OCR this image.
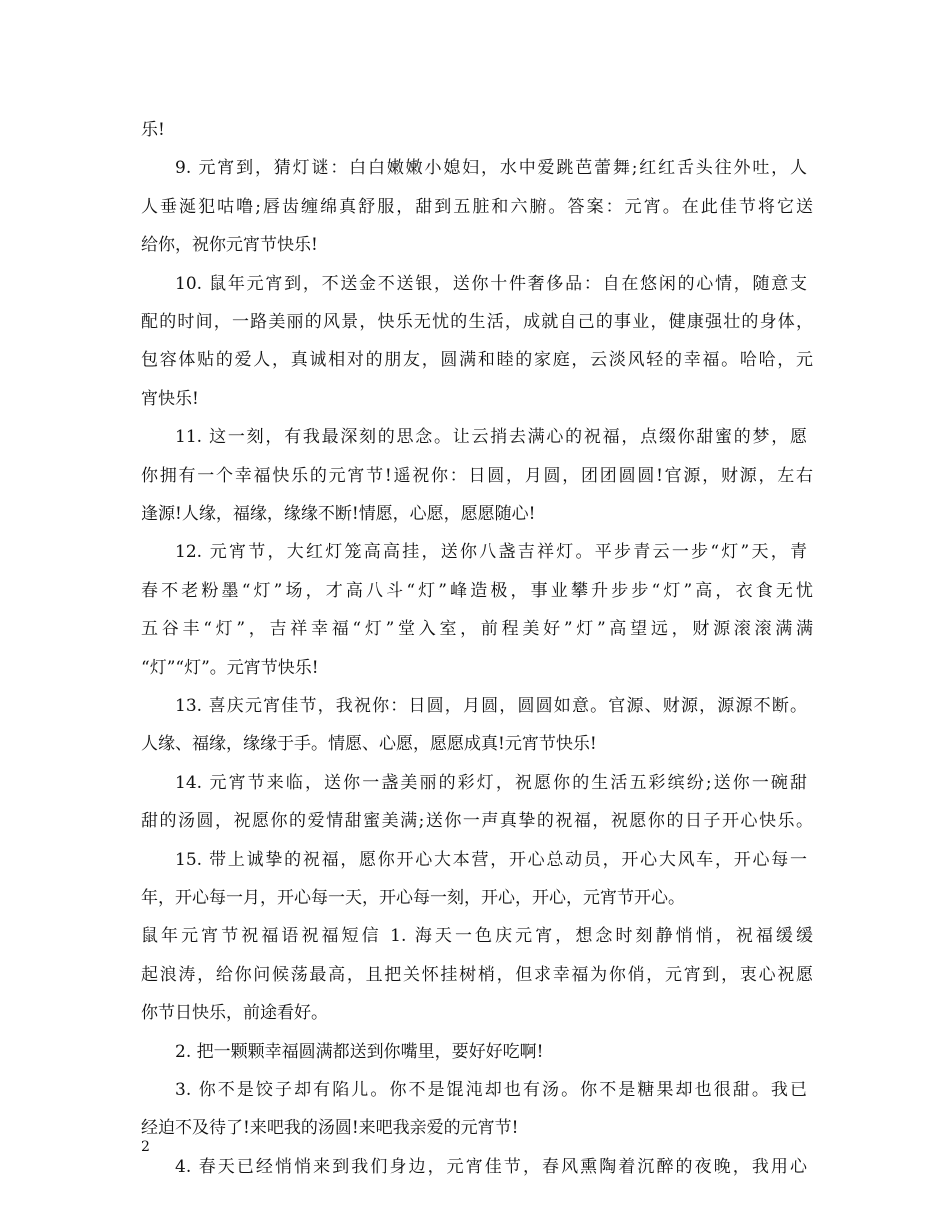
乐!
9. 元宵到，猜灯谜：白白嫩嫩小媳妇，水中爱跳芭蕾舞;红红舌头往外吐，人
人垂涎犯咕噜;唇齿缠绵真舒服，甜到五脏和六腑。答案：元宵。在此佳节将它送
给你，祝你元宵节快乐!
10. 鼠年元宵到，不送金不送银，送你十件奢侈品：自在悠闲的心情，随意支
配的时间，一路美丽的风景，快乐无忧的生活，成就自己的事业，健康强壮的身体，
包容体贴的爱人，真诚相对的朋友，圆满和睦的家庭，云淡风轻的幸福。哈哈，元
宵快乐!
11. 这一刻，有我最深刻的思念。让云捎去满心的祝福，点缀你甜蜜的梦，愿
你拥有一个幸福快乐的元宵节!遥祝你：日圆，月圆，团团圆圆!官源，财源，左右
逢源!人缘，福缘，缘缘不断!情愿，心愿，愿愿随心!
12. 元宵节，大红灯笼高高挂，送你八盏吉祥灯。平步青云一步“灯”天，青
春不老粉墨“灯”场，才高八斗“灯”峰造极，事业攀升步步“灯”高，衣食无忧
五谷丰“灯”，吉祥幸福“灯”堂入室，前程美好”灯”高望远，财源滚滚满满
“灯”“灯”。元宵节快乐!
13. 喜庆元宵佳节，我祝你：日圆，月圆，圆圆如意。官源、财源，源源不断。
人缘、福缘，缘缘于手。情愿、心愿，愿愿成真!元宵节快乐!
14. 元宵节来临，送你一盏美丽的彩灯，祝愿你的生活五彩缤纷;送你一碗甜
甜的汤圆，祝愿你的爱情甜蜜美满;送你一声真挚的祝福，祝愿你的日子开心快乐。
15. 带上诚挚的祝福，愿你开心大本营，开心总动员，开心大风车，开心每一
年，开心每一月，开心每一天，开心每一刻，开心，开心，元宵节开心。
鼠年元宵节祝福语祝福短信 1. 海天一色庆元宵，想念时刻静悄悄，祝福缓缓
起浪涛，给你问候荡最高，且把关怀挂树梢，但求幸福为你俏，元宵到，衷心祝愿
你节日快乐，前途看好。
2. 把一颗颗幸福圆满都送到你嘴里，要好好吃啊!
3. 你不是饺子却有陷儿。你不是馄沌却也有汤。你不是糖果却也很甜。我已
经迫不及待了!来吧我的汤圆!来吧我亲爱的元宵节!
4. 春天已经悄悄来到我们身边，元宵佳节，春风熏陶着沉醉的夜晚，我用心
2
